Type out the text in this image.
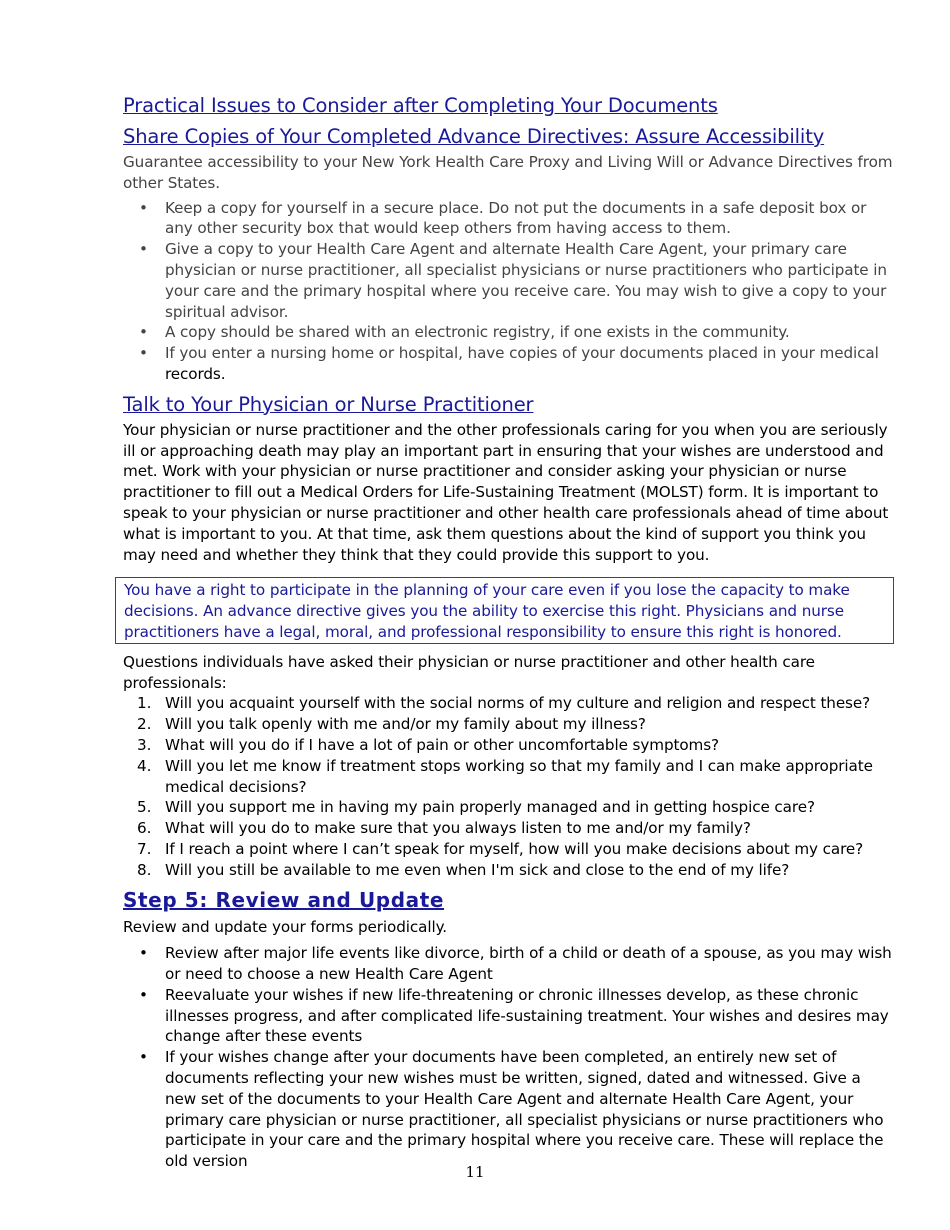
Practical Issues to Consider after Completing Your Documents
Share Copies of Your Completed Advance Directives: Assure Accessibility

Guarantee accessibility to your New York Health Care Proxy and Living Will or Advance Directives from other States.

• Keep a copy for yourself in a secure place. Do not put the documents in a safe deposit box or any other security box that would keep others from having access to them.
• Give a copy to your Health Care Agent and alternate Health Care Agent, your primary care physician or nurse practitioner, all specialist physicians or nurse practitioners who participate in your care and the primary hospital where you receive care. You may wish to give a copy to your spiritual advisor.
• A copy should be shared with an electronic registry, if one exists in the community.
• If you enter a nursing home or hospital, have copies of your documents placed in your medical records.
Talk to Your Physician or Nurse Practitioner

Your physician or nurse practitioner and the other professionals caring for you when you are seriously ill or approaching death may play an important part in ensuring that your wishes are understood and met. Work with your physician or nurse practitioner and consider asking your physician or nurse practitioner to fill out a Medical Orders for Life-Sustaining Treatment (MOLST) form. It is important to speak to your physician or nurse practitioner and other health care professionals ahead of time about what is important to you. At that time, ask them questions about the kind of support you think you may need and whether they think that they could provide this support to you.

You have a right to participate in the planning of your care even if you lose the capacity to make decisions. An advance directive gives you the ability to exercise this right. Physicians and nurse practitioners have a legal, moral, and professional responsibility to ensure this right is honored.

Questions individuals have asked their physician or nurse practitioner and other health care professionals:

1. Will you acquaint yourself with the social norms of my culture and religion and respect these?
2. Will you talk openly with me and/or my family about my illness?
3. What will you do if I have a lot of pain or other uncomfortable symptoms?
4. Will you let me know if treatment stops working so that my family and I can make appropriate medical decisions?
5. Will you support me in having my pain properly managed and in getting hospice care?
6. What will you do to make sure that you always listen to me and/or my family?
7. If I reach a point where I can’t speak for myself, how will you make decisions about my care?
8. Will you still be available to me even when I'm sick and close to the end of my life?
Step 5: Review and Update

Review and update your forms periodically.

• Review after major life events like divorce, birth of a child or death of a spouse, as you may wish or need to choose a new Health Care Agent
• Reevaluate your wishes if new life-threatening or chronic illnesses develop, as these chronic illnesses progress, and after complicated life-sustaining treatment. Your wishes and desires may change after these events
• If your wishes change after your documents have been completed, an entirely new set of documents reflecting your new wishes must be written, signed, dated and witnessed. Give a new set of the documents to your Health Care Agent and alternate Health Care Agent, your primary care physician or nurse practitioner, all specialist physicians or nurse practitioners who participate in your care and the primary hospital where you receive care. These will replace the old version
11
